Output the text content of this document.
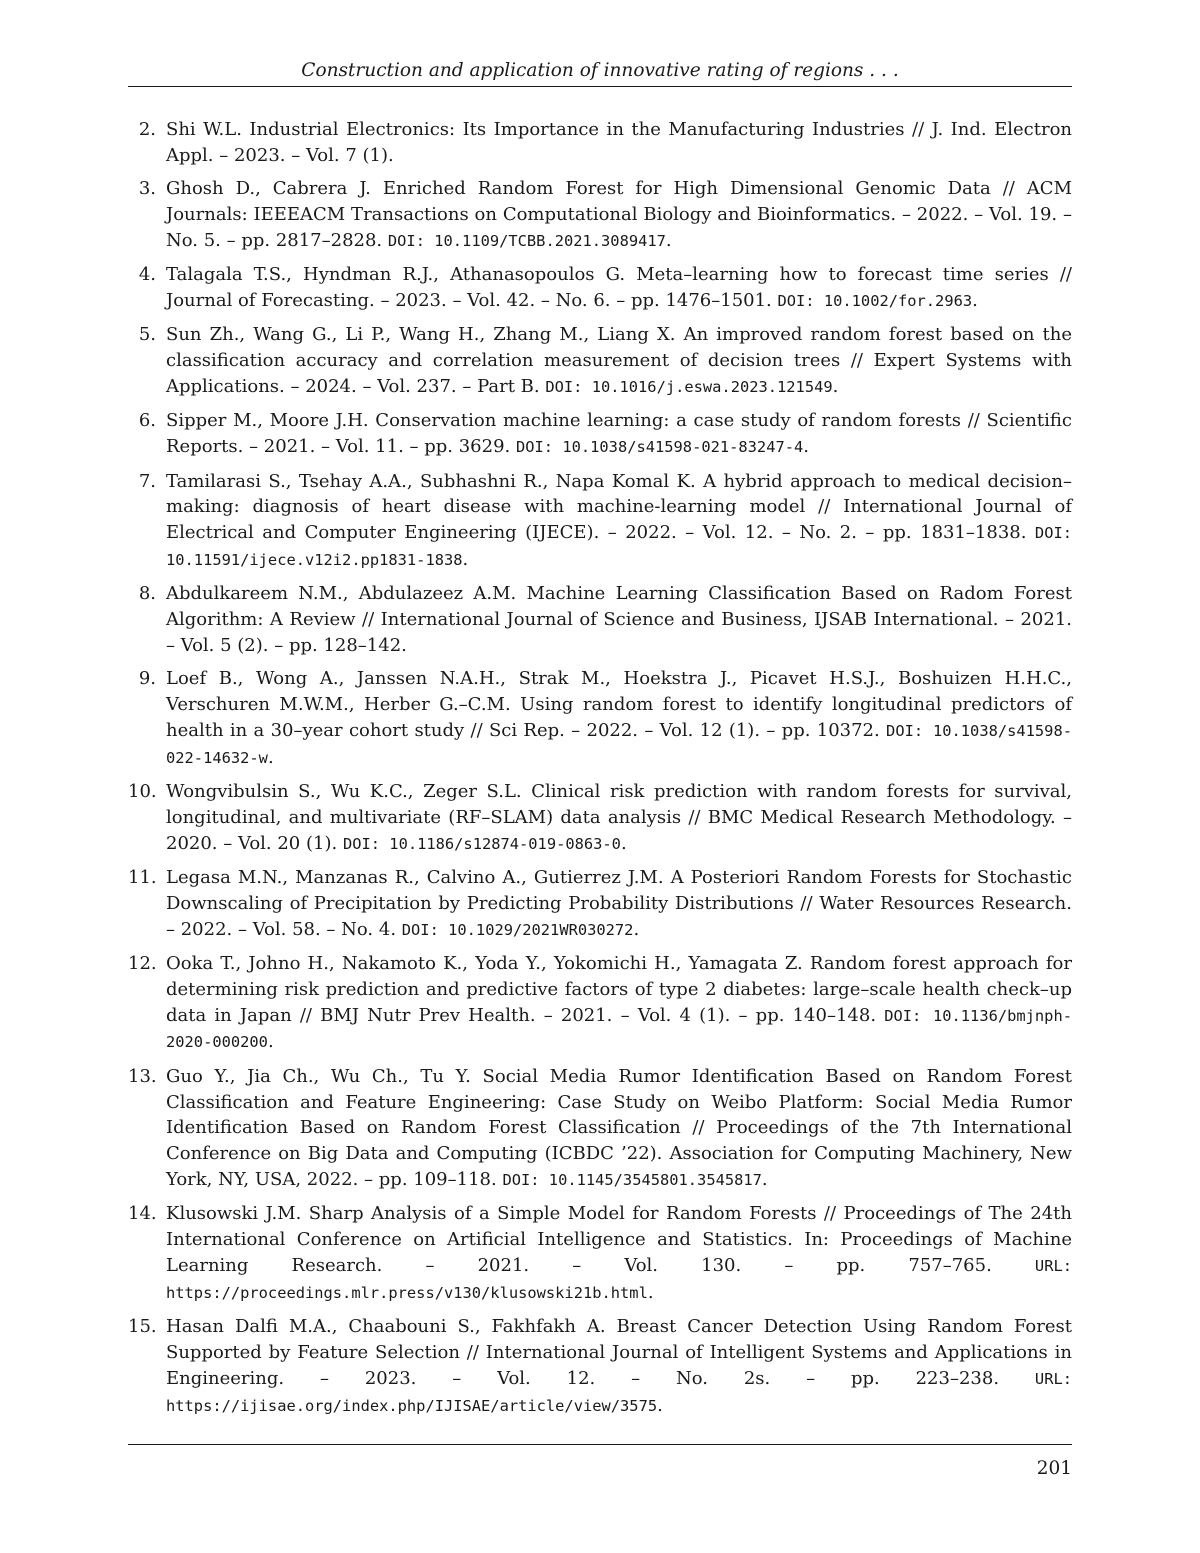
Construction and application of innovative rating of regions . . .
2. Shi W.L. Industrial Electronics: Its Importance in the Manufacturing Industries // J. Ind. Electron Appl. – 2023. – Vol. 7 (1).
3. Ghosh D., Cabrera J. Enriched Random Forest for High Dimensional Genomic Data // ACM Journals: IEEEACM Transactions on Computational Biology and Bioinformatics. – 2022. – Vol. 19. – No. 5. – pp. 2817–2828. DOI: 10.1109/TCBB.2021.3089417.
4. Talagala T.S., Hyndman R.J., Athanasopoulos G. Meta–learning how to forecast time series // Journal of Forecasting. – 2023. – Vol. 42. – No. 6. – pp. 1476–1501. DOI: 10.1002/for.2963.
5. Sun Zh., Wang G., Li P., Wang H., Zhang M., Liang X. An improved random forest based on the classification accuracy and correlation measurement of decision trees // Expert Systems with Applications. – 2024. – Vol. 237. – Part B. DOI: 10.1016/j.eswa.2023.121549.
6. Sipper M., Moore J.H. Conservation machine learning: a case study of random forests // Scientific Reports. – 2021. – Vol. 11. – pp. 3629. DOI: 10.1038/s41598-021-83247-4.
7. Tamilarasi S., Tsehay A.A., Subhashni R., Napa Komal K. A hybrid approach to medical decision–making: diagnosis of heart disease with machine-learning model // International Journal of Electrical and Computer Engineering (IJECE). – 2022. – Vol. 12. – No. 2. – pp. 1831–1838. DOI: 10.11591/ijece.v12i2.pp1831-1838.
8. Abdulkareem N.M., Abdulazeez A.M. Machine Learning Classification Based on Radom Forest Algorithm: A Review // International Journal of Science and Business, IJSAB International. – 2021. – Vol. 5 (2). – pp. 128–142.
9. Loef B., Wong A., Janssen N.A.H., Strak M., Hoekstra J., Picavet H.S.J., Boshuizen H.H.C., Verschuren M.W.M., Herber G.–C.M. Using random forest to identify longitudinal predictors of health in a 30–year cohort study // Sci Rep. – 2022. – Vol. 12 (1). – pp. 10372. DOI: 10.1038/s41598-022-14632-w.
10. Wongvibulsin S., Wu K.C., Zeger S.L. Clinical risk prediction with random forests for survival, longitudinal, and multivariate (RF–SLAM) data analysis // BMC Medical Research Methodology. – 2020. – Vol. 20 (1). DOI: 10.1186/s12874-019-0863-0.
11. Legasa M.N., Manzanas R., Calvino A., Gutierrez J.M. A Posteriori Random Forests for Stochastic Downscaling of Precipitation by Predicting Probability Distributions // Water Resources Research. – 2022. – Vol. 58. – No. 4. DOI: 10.1029/2021WR030272.
12. Ooka T., Johno H., Nakamoto K., Yoda Y., Yokomichi H., Yamagata Z. Random forest approach for determining risk prediction and predictive factors of type 2 diabetes: large–scale health check–up data in Japan // BMJ Nutr Prev Health. – 2021. – Vol. 4 (1). – pp. 140–148. DOI: 10.1136/bmjnph-2020-000200.
13. Guo Y., Jia Ch., Wu Ch., Tu Y. Social Media Rumor Identification Based on Random Forest Classification and Feature Engineering: Case Study on Weibo Platform: Social Media Rumor Identification Based on Random Forest Classification // Proceedings of the 7th International Conference on Big Data and Computing (ICBDC ’22). Association for Computing Machinery, New York, NY, USA, 2022. – pp. 109–118. DOI: 10.1145/3545801.3545817.
14. Klusowski J.M. Sharp Analysis of a Simple Model for Random Forests // Proceedings of The 24th International Conference on Artificial Intelligence and Statistics. In: Proceedings of Machine Learning Research. – 2021. – Vol. 130. – pp. 757–765. URL: https://proceedings.mlr.press/v130/klusowski21b.html.
15. Hasan Dalfi M.A., Chaabouni S., Fakhfakh A. Breast Cancer Detection Using Random Forest Supported by Feature Selection // International Journal of Intelligent Systems and Applications in Engineering. – 2023. – Vol. 12. – No. 2s. – pp. 223–238. URL: https://ijisae.org/index.php/IJISAE/article/view/3575.
201
